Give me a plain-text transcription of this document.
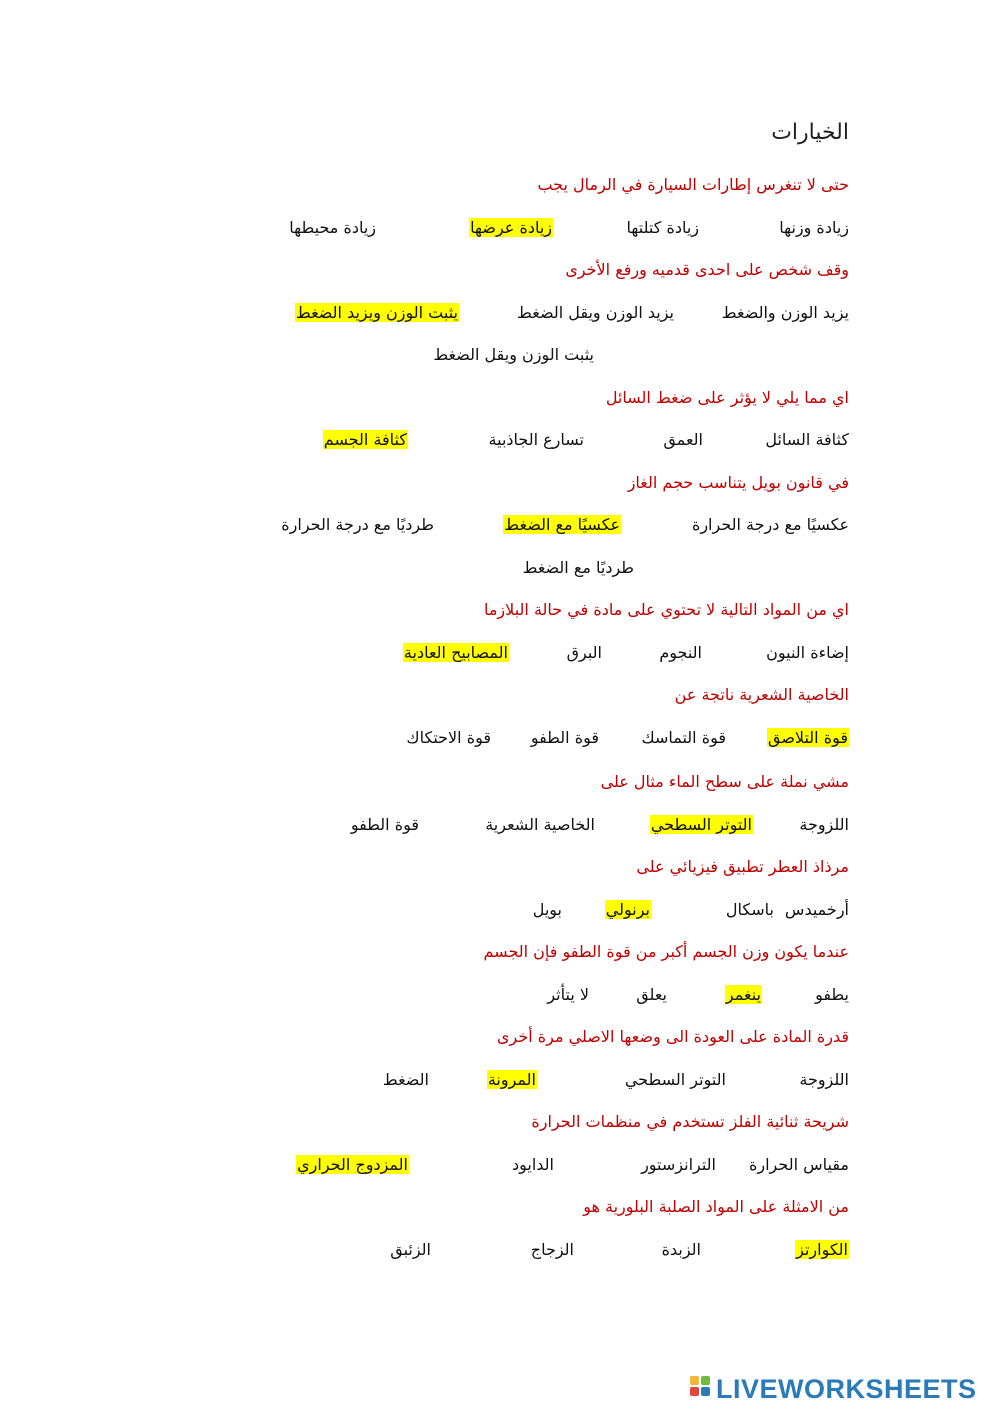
الخيارات
حتى لا تنغرس إطارات السيارة في الرمال يجب
زيادة وزنها
زيادة عرضها	زيادة كتلتها
زيادة محيطها
وقف شخص على احدى قدميه ورفع الأخرى
يزيد الوزن والضغط
يزيد الوزن ويقل الضغط
يثبت الوزن ويزيد الضغط
يثبت الوزن ويقل الضغط
اي مما يلي لا يؤثر على ضغط السائل
كثافة السائل
العمق
تسارع الجاذبية
كثافة الجسم
في قانون بويل يتناسب حجم الغاز
عكسيًا مع درجة الحرارة
عكسيًا مع الضغط
طرديًا مع درجة الحرارة
طرديًا مع الضغط
اي من المواد التالية لا تحتوي على مادة في حالة البلازما
إضاءة النيون
النجوم
البرق
المصابيح العادية
الخاصية الشعرية ناتجة عن
قوة التلاصق
قوة التماسك
قوة الطفو
قوة الاحتكاك
مشي نملة على سطح الماء مثال على
اللزوجة
التوتر السطحي
الخاصية الشعرية
قوة الطفو
مرذاذ العطر تطبيق فيزيائي على
أرخميدس
باسكال
برنولي
بويل
عندما يكون وزن الجسم أكبر من قوة الطفو فإن الجسم
يطفو
ينغمر
يعلق
لا يتأثر
قدرة المادة على العودة الى وضعها الاصلي مرة أخرى
اللزوجة
التوتر السطحي
المرونة
الضغط
شريحة ثنائية الفلز تستخدم في منظمات الحرارة
مقياس الحرارة
الترانزستور
الدايود
المزدوج الحراري
من الامثلة على المواد الصلبة البلورية هو
الكوارتز
الزبدة
الزجاج
الزئبق
LIVEWORKSHEETS
